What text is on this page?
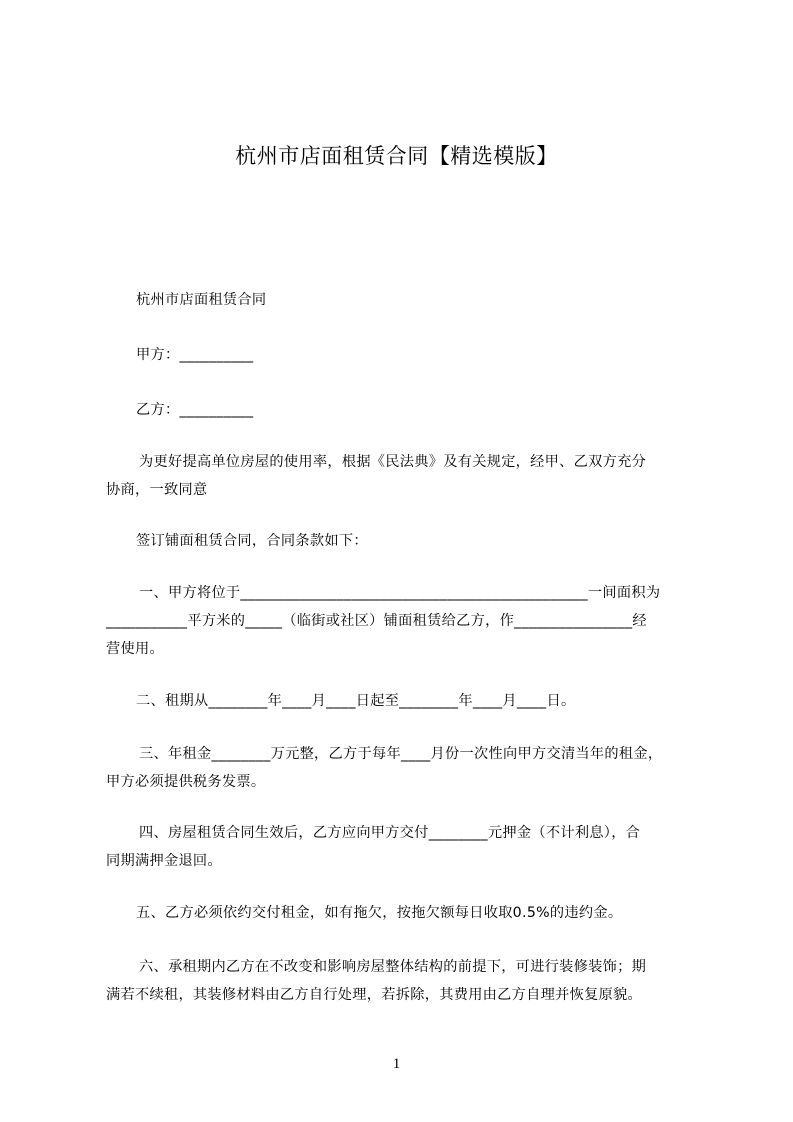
杭州市店面租赁合同【精选模版】
杭州市店面租赁合同
甲方：__________
乙方：__________
为更好提高单位房屋的使用率，根据《民法典》及有关规定，经甲、乙双方充分
协商，一致同意
签订铺面租赁合同，合同条款如下：
一、甲方将位于_______________________________________________一间面积为
___________平方米的_____（临街或社区）铺面租赁给乙方，作________________经
营使用。
二、租期从________年____月____日起至________年____月____日。
三、年租金________万元整，乙方于每年____月份一次性向甲方交清当年的租金，
甲方必须提供税务发票。
四、房屋租赁合同生效后，乙方应向甲方交付________元押金（不计利息），合
同期满押金退回。
五、乙方必须依约交付租金，如有拖欠，按拖欠额每日收取0.5%的违约金。
六、承租期内乙方在不改变和影响房屋整体结构的前提下，可进行装修装饰；期
满若不续租，其装修材料由乙方自行处理，若拆除，其费用由乙方自理并恢复原貌。
1
